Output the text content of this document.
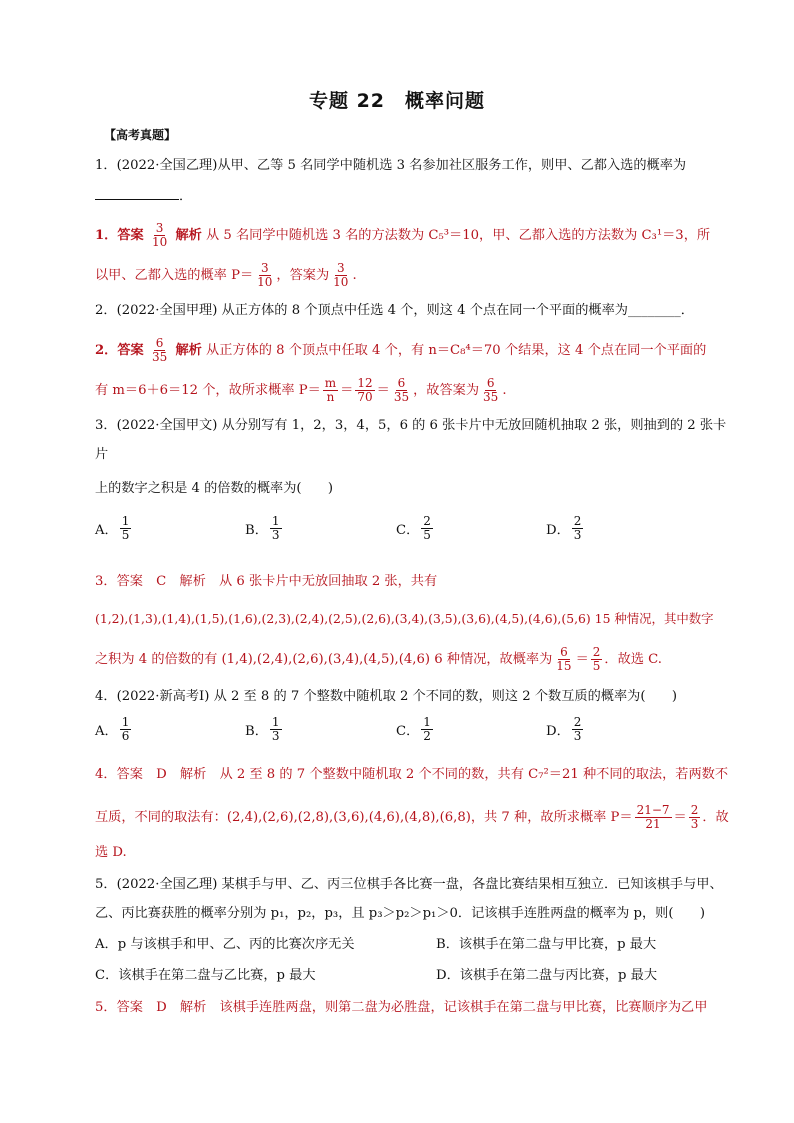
专题 22　概率问题
【高考真题】
1．(2022·全国乙理)从甲、乙等 5 名同学中随机选 3 名参加社区服务工作，则甲、乙都入选的概率为
．
1．答案 $\frac{3}{10}$ 解析 从 5 名同学中随机选 3 名的方法数为 C₅³＝10，甲、乙都入选的方法数为 C₃¹＝3，所
以甲、乙都入选的概率 $P= \frac{3}{10}$ ，答案为 $\frac{3}{10}$ .
2．(2022·全国甲理) 从正方体的 8 个顶点中任选 4 个，则这 4 个点在同一个平面的概率为________．
2．答案 $\frac{6}{35}$ 解析 从正方体的 8 个顶点中任取 4 个，有 n＝C₈⁴＝70 个结果，这 4 个点在同一个平面的
有 m＝6＋6＝12 个，故所求概率 $P= \frac{m}{n} = \frac{12}{70} = \frac{6}{35}$ ，故答案为 $\frac{6}{35}$ .
3．(2022·全国甲文) 从分别写有 1，2，3，4，5，6 的 6 张卡片中无放回随机抽取 2 张，则抽到的 2 张卡
片
上的数字之积是 4 的倍数的概率为(　　)
A． $\frac{1}{5}$	B． $\frac{1}{3}$	C． $\frac{2}{5}$	D． $\frac{2}{3}$
3．答案　C　解析　从 6 张卡片中无放回抽取 2 张，共有
(1,2),(1,3),(1,4),(1,5),(1,6),(2,3),(2,4),(2,5),(2,6),(3,4),(3,5),(3,6),(4,5),(4,6),(5,6) 15 种情况，其中数字
之积为 4 的倍数的有 (1,4),(2,4),(2,6),(3,4),(4,5),(4,6) 6 种情况，故概率为 $\frac{6}{15} = \frac{2}{5}$ ．故选 C.
4．(2022·新高考Ⅰ) 从 2 至 8 的 7 个整数中随机取 2 个不同的数，则这 2 个数互质的概率为(　　)
A． $\frac{1}{6}$	B． $\frac{1}{3}$	C． $\frac{1}{2}$	D． $\frac{2}{3}$
4．答案　D　解析　从 2 至 8 的 7 个整数中随机取 2 个不同的数，共有 C₇²＝21 种不同的取法，若两数不
互质，不同的取法有：(2,4),(2,6),(2,8),(3,6),(4,6),(4,8),(6,8)，共 7 种，故所求概率 $P= \frac{21-7}{21} = \frac{2}{3}$ ．故
选 D.
5．(2022·全国乙理) 某棋手与甲、乙、丙三位棋手各比赛一盘，各盘比赛结果相互独立．已知该棋手与甲、
乙、丙比赛获胜的概率分别为 p₁，p₂，p₃，且 p₃＞p₂＞p₁＞0．记该棋手连胜两盘的概率为 p，则(　　)
A．p 与该棋手和甲、乙、丙的比赛次序无关	B．该棋手在第二盘与甲比赛，p 最大
C．该棋手在第二盘与乙比赛，p 最大	D．该棋手在第二盘与丙比赛，p 最大
5．答案　D　解析　该棋手连胜两盘，则第二盘为必胜盘，记该棋手在第二盘与甲比赛，比赛顺序为乙甲
